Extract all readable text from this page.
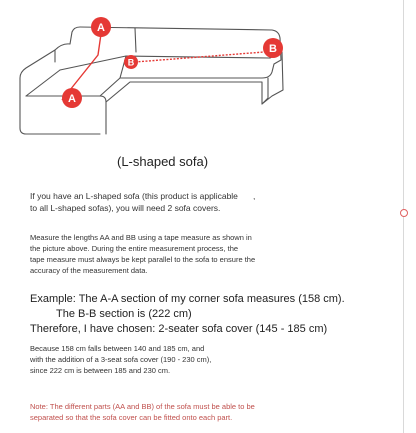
A
A
B
B
(L-shaped sofa)
If you have an L-shaped sofa (this product is applicable ,
to all L-shaped sofas), you will need 2 sofa covers.
Measure the lengths AA and BB using a tape measure as shown in
the picture above. During the entire measurement process, the
tape measure must always be kept parallel to the sofa to ensure the
accuracy of the measurement data.
Example: The A-A section of my corner sofa measures (158 cm).
The B-B section is (222 cm)
Therefore, I have chosen: 2-seater sofa cover (145 - 185 cm)
Because 158 cm falls between 140 and 185 cm, and
with the addition of a 3-seat sofa cover (190 - 230 cm),
since 222 cm is between 185 and 230 cm.
Note: The different parts (AA and BB) of the sofa must be able to be
separated so that the sofa cover can be fitted onto each part.
